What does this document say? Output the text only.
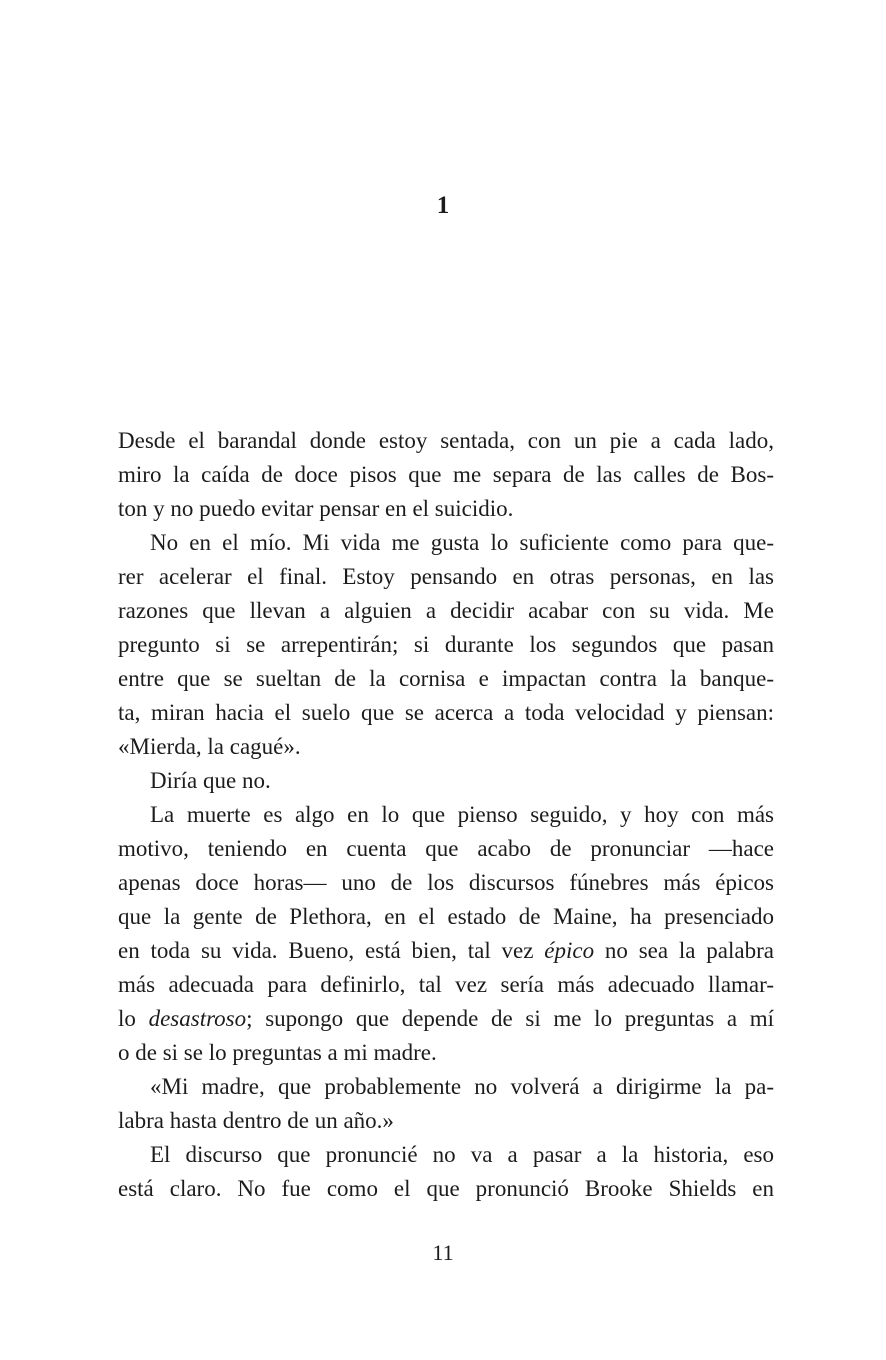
1
Desde el barandal donde estoy sentada, con un pie a cada lado,
miro la caída de doce pisos que me separa de las calles de Bos-
ton y no puedo evitar pensar en el suicidio.
No en el mío. Mi vida me gusta lo suficiente como para que-
rer acelerar el final. Estoy pensando en otras personas, en las
razones que llevan a alguien a decidir acabar con su vida. Me
pregunto si se arrepentirán; si durante los segundos que pasan
entre que se sueltan de la cornisa e impactan contra la banque-
ta, miran hacia el suelo que se acerca a toda velocidad y piensan:
«Mierda, la cagué».
Diría que no.
La muerte es algo en lo que pienso seguido, y hoy con más
motivo, teniendo en cuenta que acabo de pronunciar —hace
apenas doce horas— uno de los discursos fúnebres más épicos
que la gente de Plethora, en el estado de Maine, ha presenciado
en toda su vida. Bueno, está bien, tal vez épico no sea la palabra
más adecuada para definirlo, tal vez sería más adecuado llamar-
lo desastroso; supongo que depende de si me lo preguntas a mí
o de si se lo preguntas a mi madre.
«Mi madre, que probablemente no volverá a dirigirme la pa-
labra hasta dentro de un año.»
El discurso que pronuncié no va a pasar a la historia, eso
está claro. No fue como el que pronunció Brooke Shields en
11
